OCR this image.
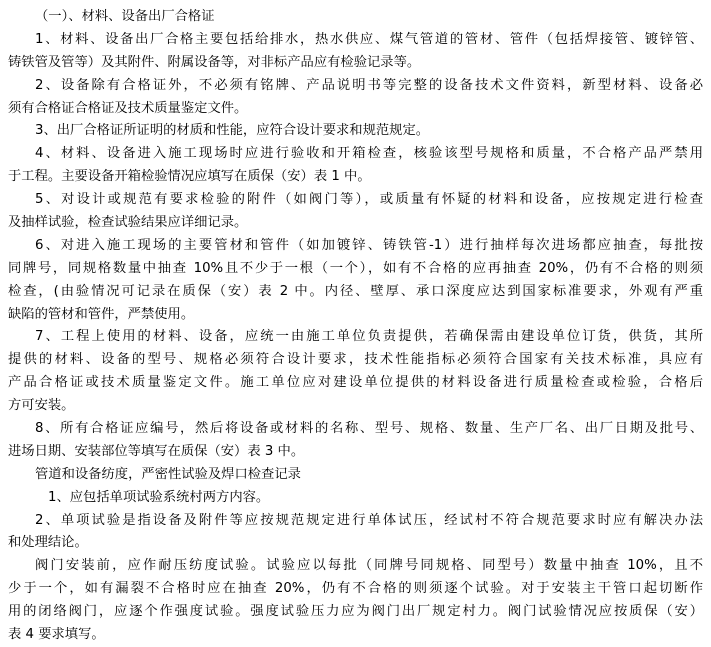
（一）、材料、设备出厂合格证
1、材料、设备出厂合格主要包括给排水，热水供应、煤气管道的管材、管件（包括焊接管、镀锌管、
铸铁管及管等）及其附件、附属设备等，对非标产品应有检验记录等。
2、设备除有合格证外，不必须有铭牌、产品说明书等完整的设备技术文件资料，新型材料、设备必
须有合格证合格证及技术质量鉴定文件。
3、出厂合格证所证明的材质和性能，应符合设计要求和规范规定。
4、材料、设备进入施工现场时应进行验收和开箱检查，核验该型号规格和质量，不合格产品严禁用
于工程。主要设备开箱检验情况应填写在质保（安）表 1 中。
5、对设计或规范有要求检验的附件（如阀门等），或质量有怀疑的材料和设备，应按规定进行检查
及抽样试验，检查试验结果应详细记录。
6、对进入施工现场的主要管材和管件（如加镀锌、铸铁管-1）进行抽样每次进场都应抽查，每批按
同牌号，同规格数量中抽查 10%且不少于一根（一个），如有不合格的应再抽查 20%，仍有不合格的则须
检查，(由验情况可记录在质保（安）表 2 中。内径、壁厚、承口深度应达到国家标准要求，外观有严重
缺陷的管材和管件，严禁使用。
7、工程上使用的材料、设备，应统一由施工单位负责提供，若确保需由建设单位订货，供货，其所
提供的材料、设备的型号、规格必须符合设计要求，技术性能指标必须符合国家有关技术标准，具应有
产品合格证或技术质量鉴定文件。施工单位应对建设单位提供的材料设备进行质量检查或检验，合格后
方可安装。
8、所有合格证应编号，然后将设备或材料的名称、型号、规格、数量、生产厂名、出厂日期及批号、
进场日期、安装部位等填写在质保（安）表 3 中。
管道和设备纺度，严密性试验及焊口检查记录
1、应包括单项试验系统村两方内容。
2、单项试验是指设备及附件等应按规范规定进行单体试压，经试村不符合规范要求时应有解决办法
和处理结论。
阀门安装前，应作耐压纺度试验。试验应以每批（同牌号同规格、同型号）数量中抽查 10%，且不
少于一个，如有漏裂不合格时应在抽查 20%，仍有不合格的则须逐个试验。对于安装主干管口起切断作
用的闭络阀门，应逐个作强度试验。强度试验压力应为阀门出厂规定村力。阀门试验情况应按质保（安）
表 4 要求填写。
